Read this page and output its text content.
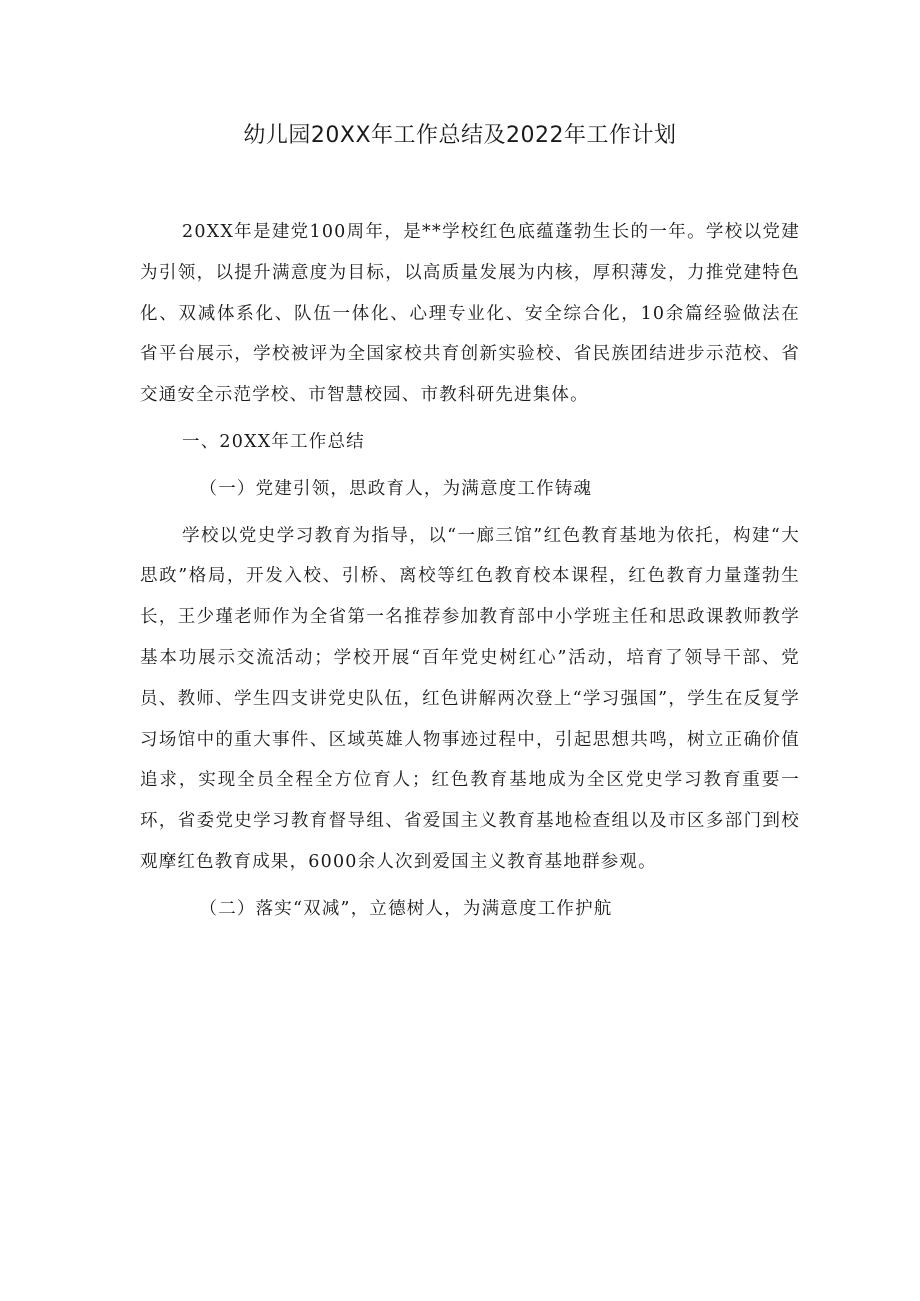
幼儿园20XX年工作总结及2022年工作计划

20XX年是建党100周年，是**学校红色底蕴蓬勃生长的一年。学校以党建为引领，以提升满意度为目标，以高质量发展为内核，厚积薄发，力推党建特色化、双减体系化、队伍一体化、心理专业化、安全综合化，10余篇经验做法在省平台展示，学校被评为全国家校共育创新实验校、省民族团结进步示范校、省交通安全示范学校、市智慧校园、市教科研先进集体。

一、20XX年工作总结

（一）党建引领，思政育人，为满意度工作铸魂

学校以党史学习教育为指导，以“一廊三馆”红色教育基地为依托，构建“大思政”格局，开发入校、引桥、离校等红色教育校本课程，红色教育力量蓬勃生长，王少瑾老师作为全省第一名推荐参加教育部中小学班主任和思政课教师教学基本功展示交流活动；学校开展“百年党史树红心”活动，培育了领导干部、党员、教师、学生四支讲党史队伍，红色讲解两次登上“学习强国”，学生在反复学习场馆中的重大事件、区域英雄人物事迹过程中，引起思想共鸣，树立正确价值追求，实现全员全程全方位育人；红色教育基地成为全区党史学习教育重要一环，省委党史学习教育督导组、省爱国主义教育基地检查组以及市区多部门到校观摩红色教育成果，6000余人次到爱国主义教育基地群参观。

（二）落实“双减”，立德树人，为满意度工作护航
